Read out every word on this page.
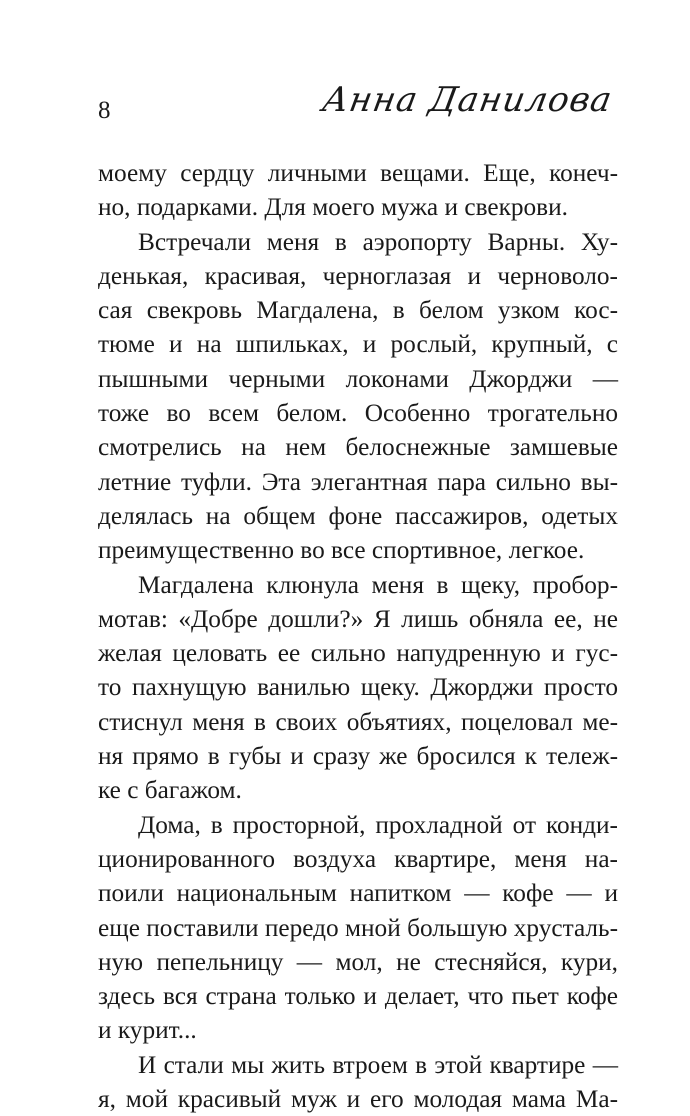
8	Анна Данилова
моему сердцу личными вещами. Еще, конеч-
но, подарками. Для моего мужа и свекрови.
Встречали меня в аэропорту Варны. Ху-
денькая, красивая, черноглазая и черноволо-
сая свекровь Магдалена, в белом узком кос-
тюме и на шпильках, и рослый, крупный, с
пышными черными локонами Джорджи —
тоже во всем белом. Особенно трогательно
смотрелись на нем белоснежные замшевые
летние туфли. Эта элегантная пара сильно вы-
делялась на общем фоне пассажиров, одетых
преимущественно во все спортивное, легкое.
Магдалена клюнула меня в щеку, пробор-
мотав: «Добре дошли?» Я лишь обняла ее, не
желая целовать ее сильно напудренную и гус-
то пахнущую ванилью щеку. Джорджи просто
стиснул меня в своих объятиях, поцеловал ме-
ня прямо в губы и сразу же бросился к тележ-
ке с багажом.
Дома, в просторной, прохладной от конди-
ционированного воздуха квартире, меня на-
поили национальным напитком — кофе — и
еще поставили передо мной большую хрусталь-
ную пепельницу — мол, не стесняйся, кури,
здесь вся страна только и делает, что пьет кофе
и курит...
И стали мы жить втроем в этой квартире —
я, мой красивый муж и его молодая мама Ма-
